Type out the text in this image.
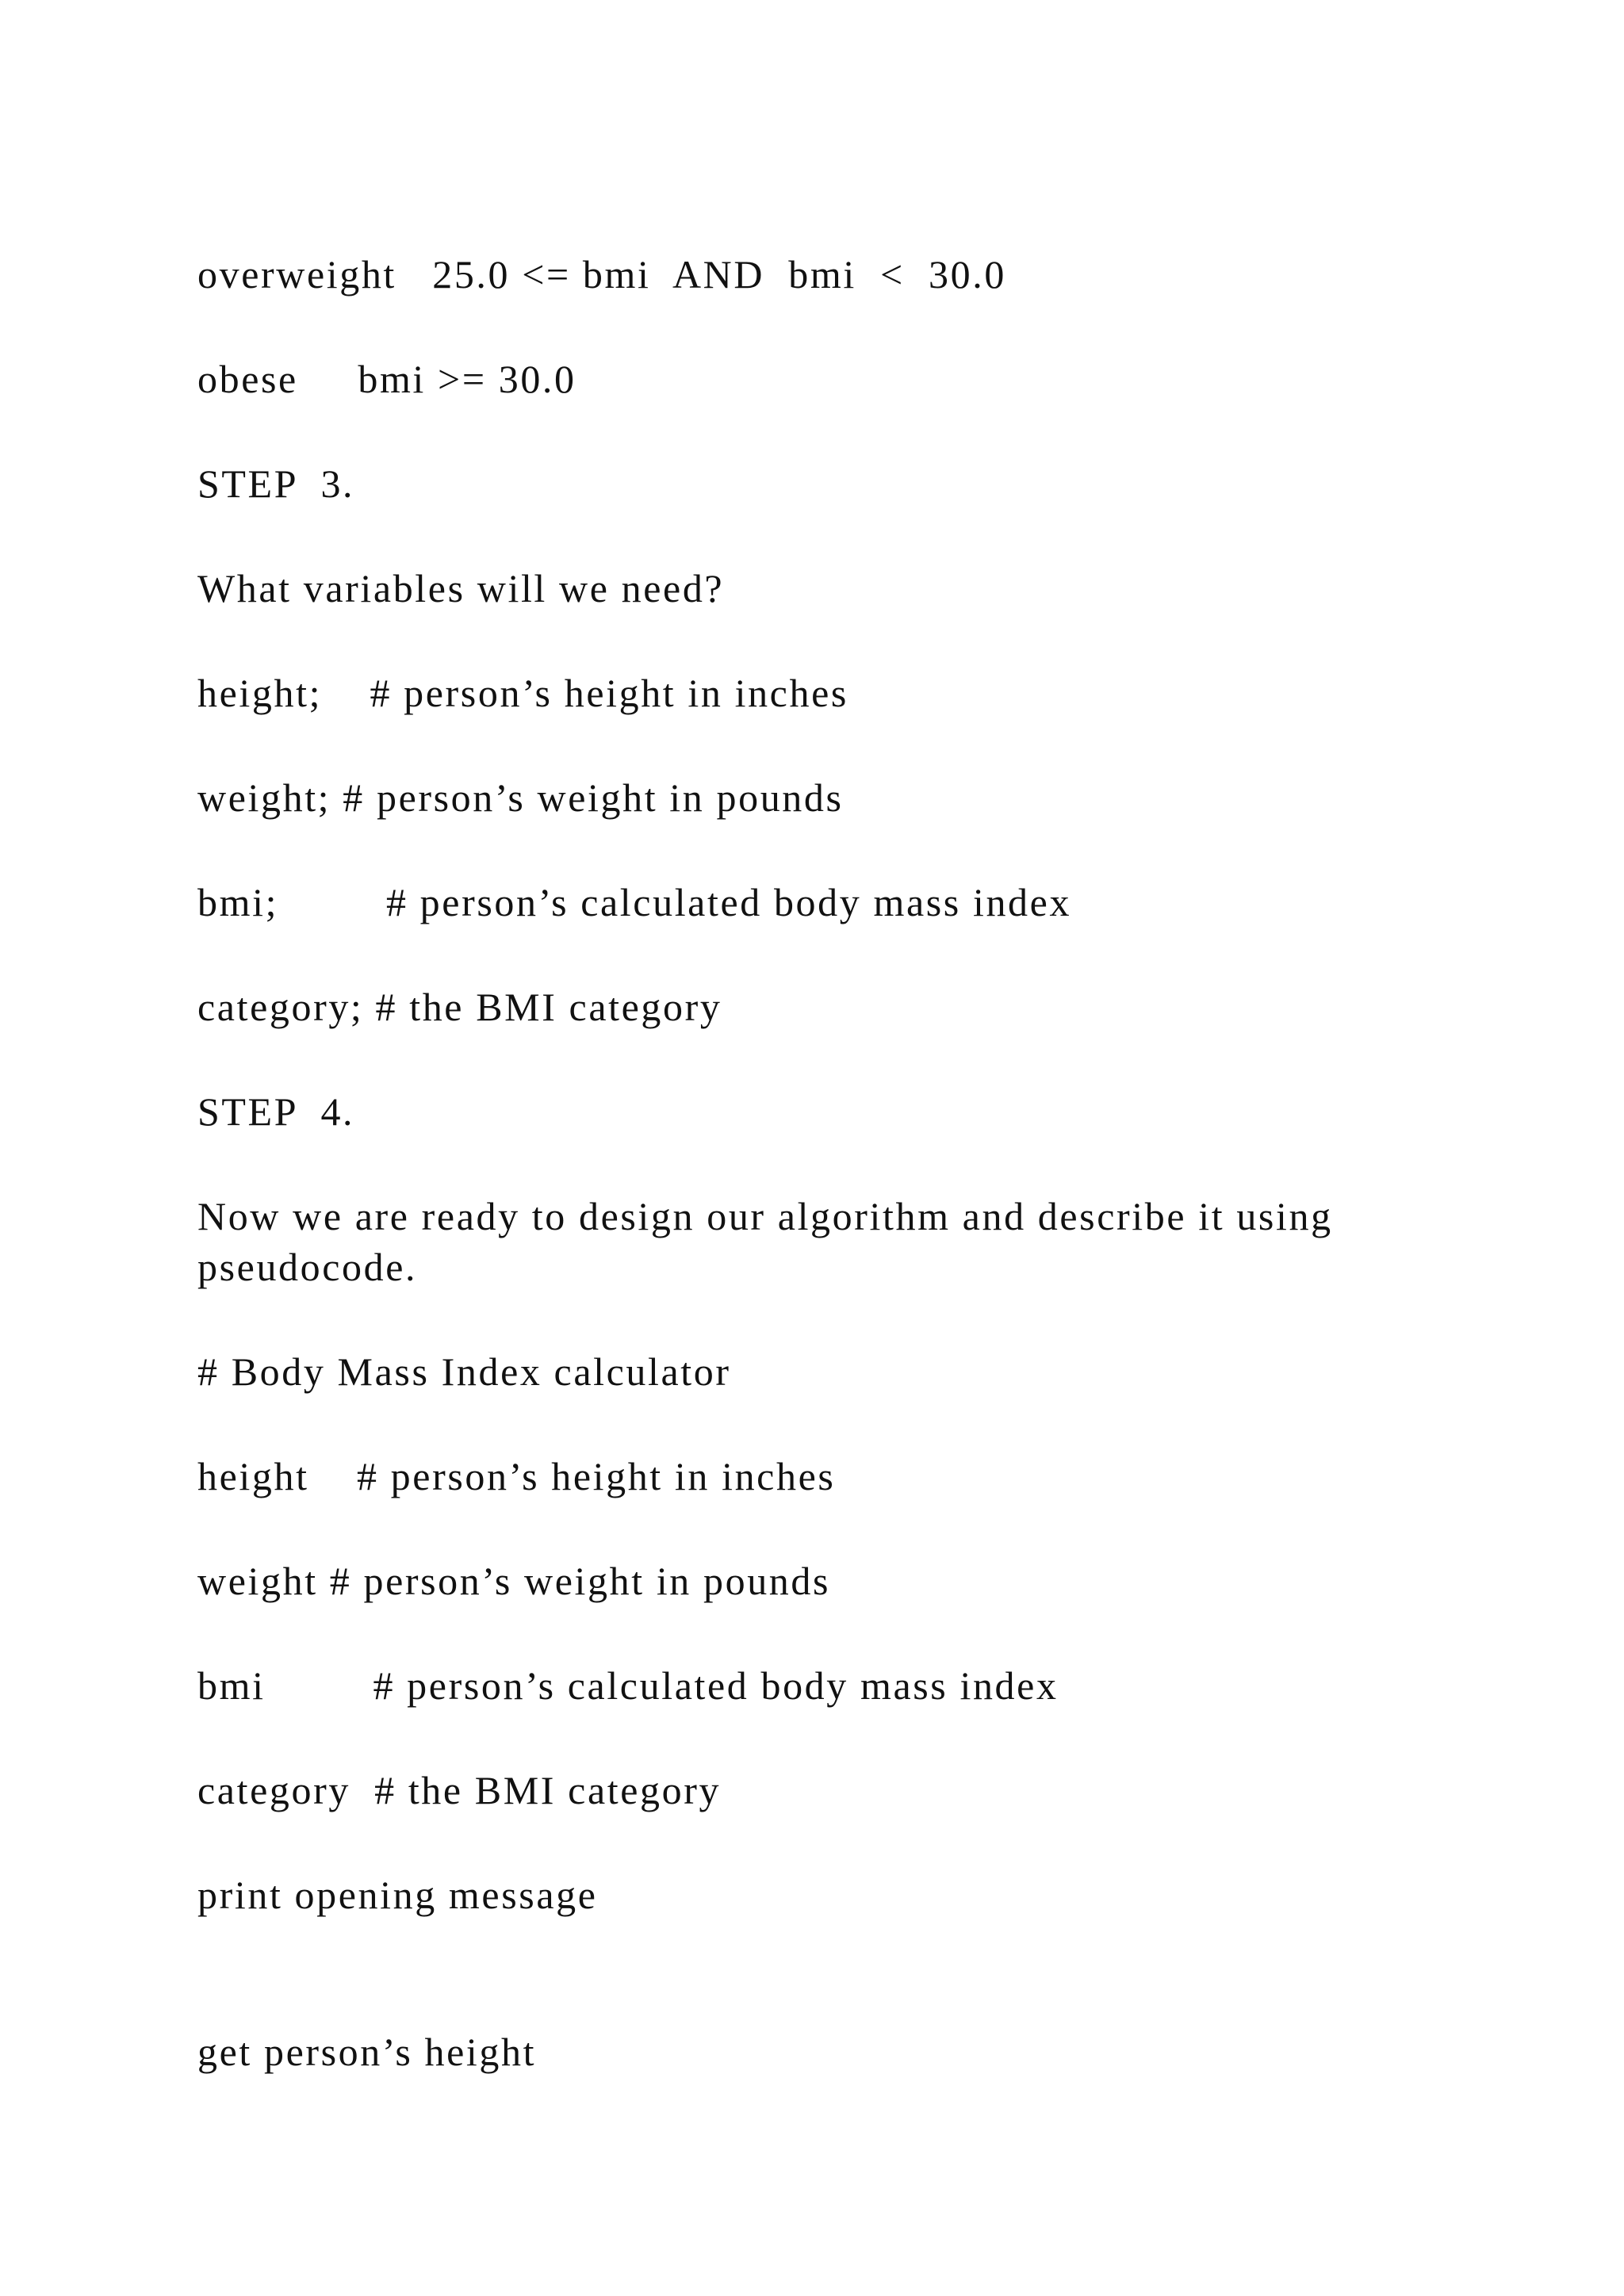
overweight   25.0 <= bmi  AND  bmi  <  30.0

obese     bmi >= 30.0

STEP  3.

What variables will we need?

height;    # person’s height in inches

weight; # person’s weight in pounds

bmi;         # person’s calculated body mass index

category; # the BMI category

STEP  4.

Now we are ready to design our algorithm and describe it using pseudocode.

# Body Mass Index calculator

height    # person’s height in inches

weight # person’s weight in pounds

bmi         # person’s calculated body mass index

category  # the BMI category

print opening message

get person’s height
